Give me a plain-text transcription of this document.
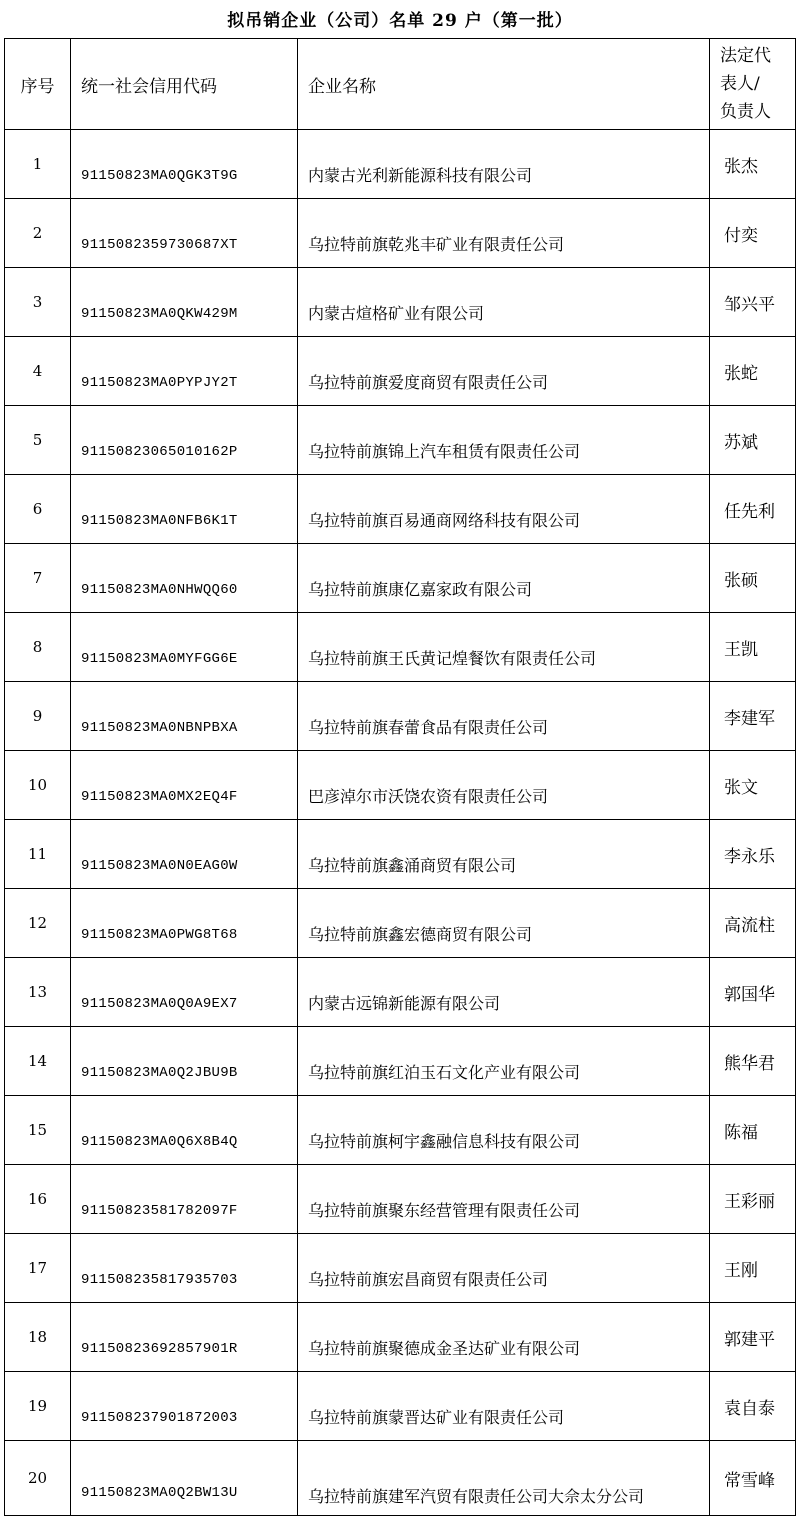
拟吊销企业（公司）名单 29 户（第一批）
序号	统一社会信用代码	企业名称	法定代
表人/
负责人

1	91150823MA0QGK3T9G	内蒙古光利新能源科技有限公司	张杰
2	9115082359730687XT	乌拉特前旗乾兆丰矿业有限责任公司	付奕
3	91150823MA0QKW429M	内蒙古煊格矿业有限公司	邹兴平
4	91150823MA0PYPJY2T	乌拉特前旗爱度商贸有限责任公司	张蛇
5	91150823065010162P	乌拉特前旗锦上汽车租赁有限责任公司	苏斌
6	91150823MA0NFB6K1T	乌拉特前旗百易通商网络科技有限公司	任先利
7	91150823MA0NHWQQ60	乌拉特前旗康亿嘉家政有限公司	张硕
8	91150823MA0MYFGG6E	乌拉特前旗王氏黄记煌餐饮有限责任公司	王凯
9	91150823MA0NBNPBXA	乌拉特前旗春蕾食品有限责任公司	李建军
10	91150823MA0MX2EQ4F	巴彦淖尔市沃饶农资有限责任公司	张文
11	91150823MA0N0EAG0W	乌拉特前旗鑫涌商贸有限公司	李永乐
12	91150823MA0PWG8T68	乌拉特前旗鑫宏德商贸有限公司	高流柱
13	91150823MA0Q0A9EX7	内蒙古远锦新能源有限公司	郭国华
14	91150823MA0Q2JBU9B	乌拉特前旗红泊玉石文化产业有限公司	熊华君
15	91150823MA0Q6X8B4Q	乌拉特前旗柯宇鑫融信息科技有限公司	陈福
16	91150823581782097F	乌拉特前旗聚东经营管理有限责任公司	王彩丽
17	911508235817935703	乌拉特前旗宏昌商贸有限责任公司	王刚
18	91150823692857901R	乌拉特前旗聚德成金圣达矿业有限公司	郭建平
19	911508237901872003	乌拉特前旗蒙晋达矿业有限责任公司	袁自泰
20	91150823MA0Q2BW13U	乌拉特前旗建军汽贸有限责任公司大佘太分公司	常雪峰
